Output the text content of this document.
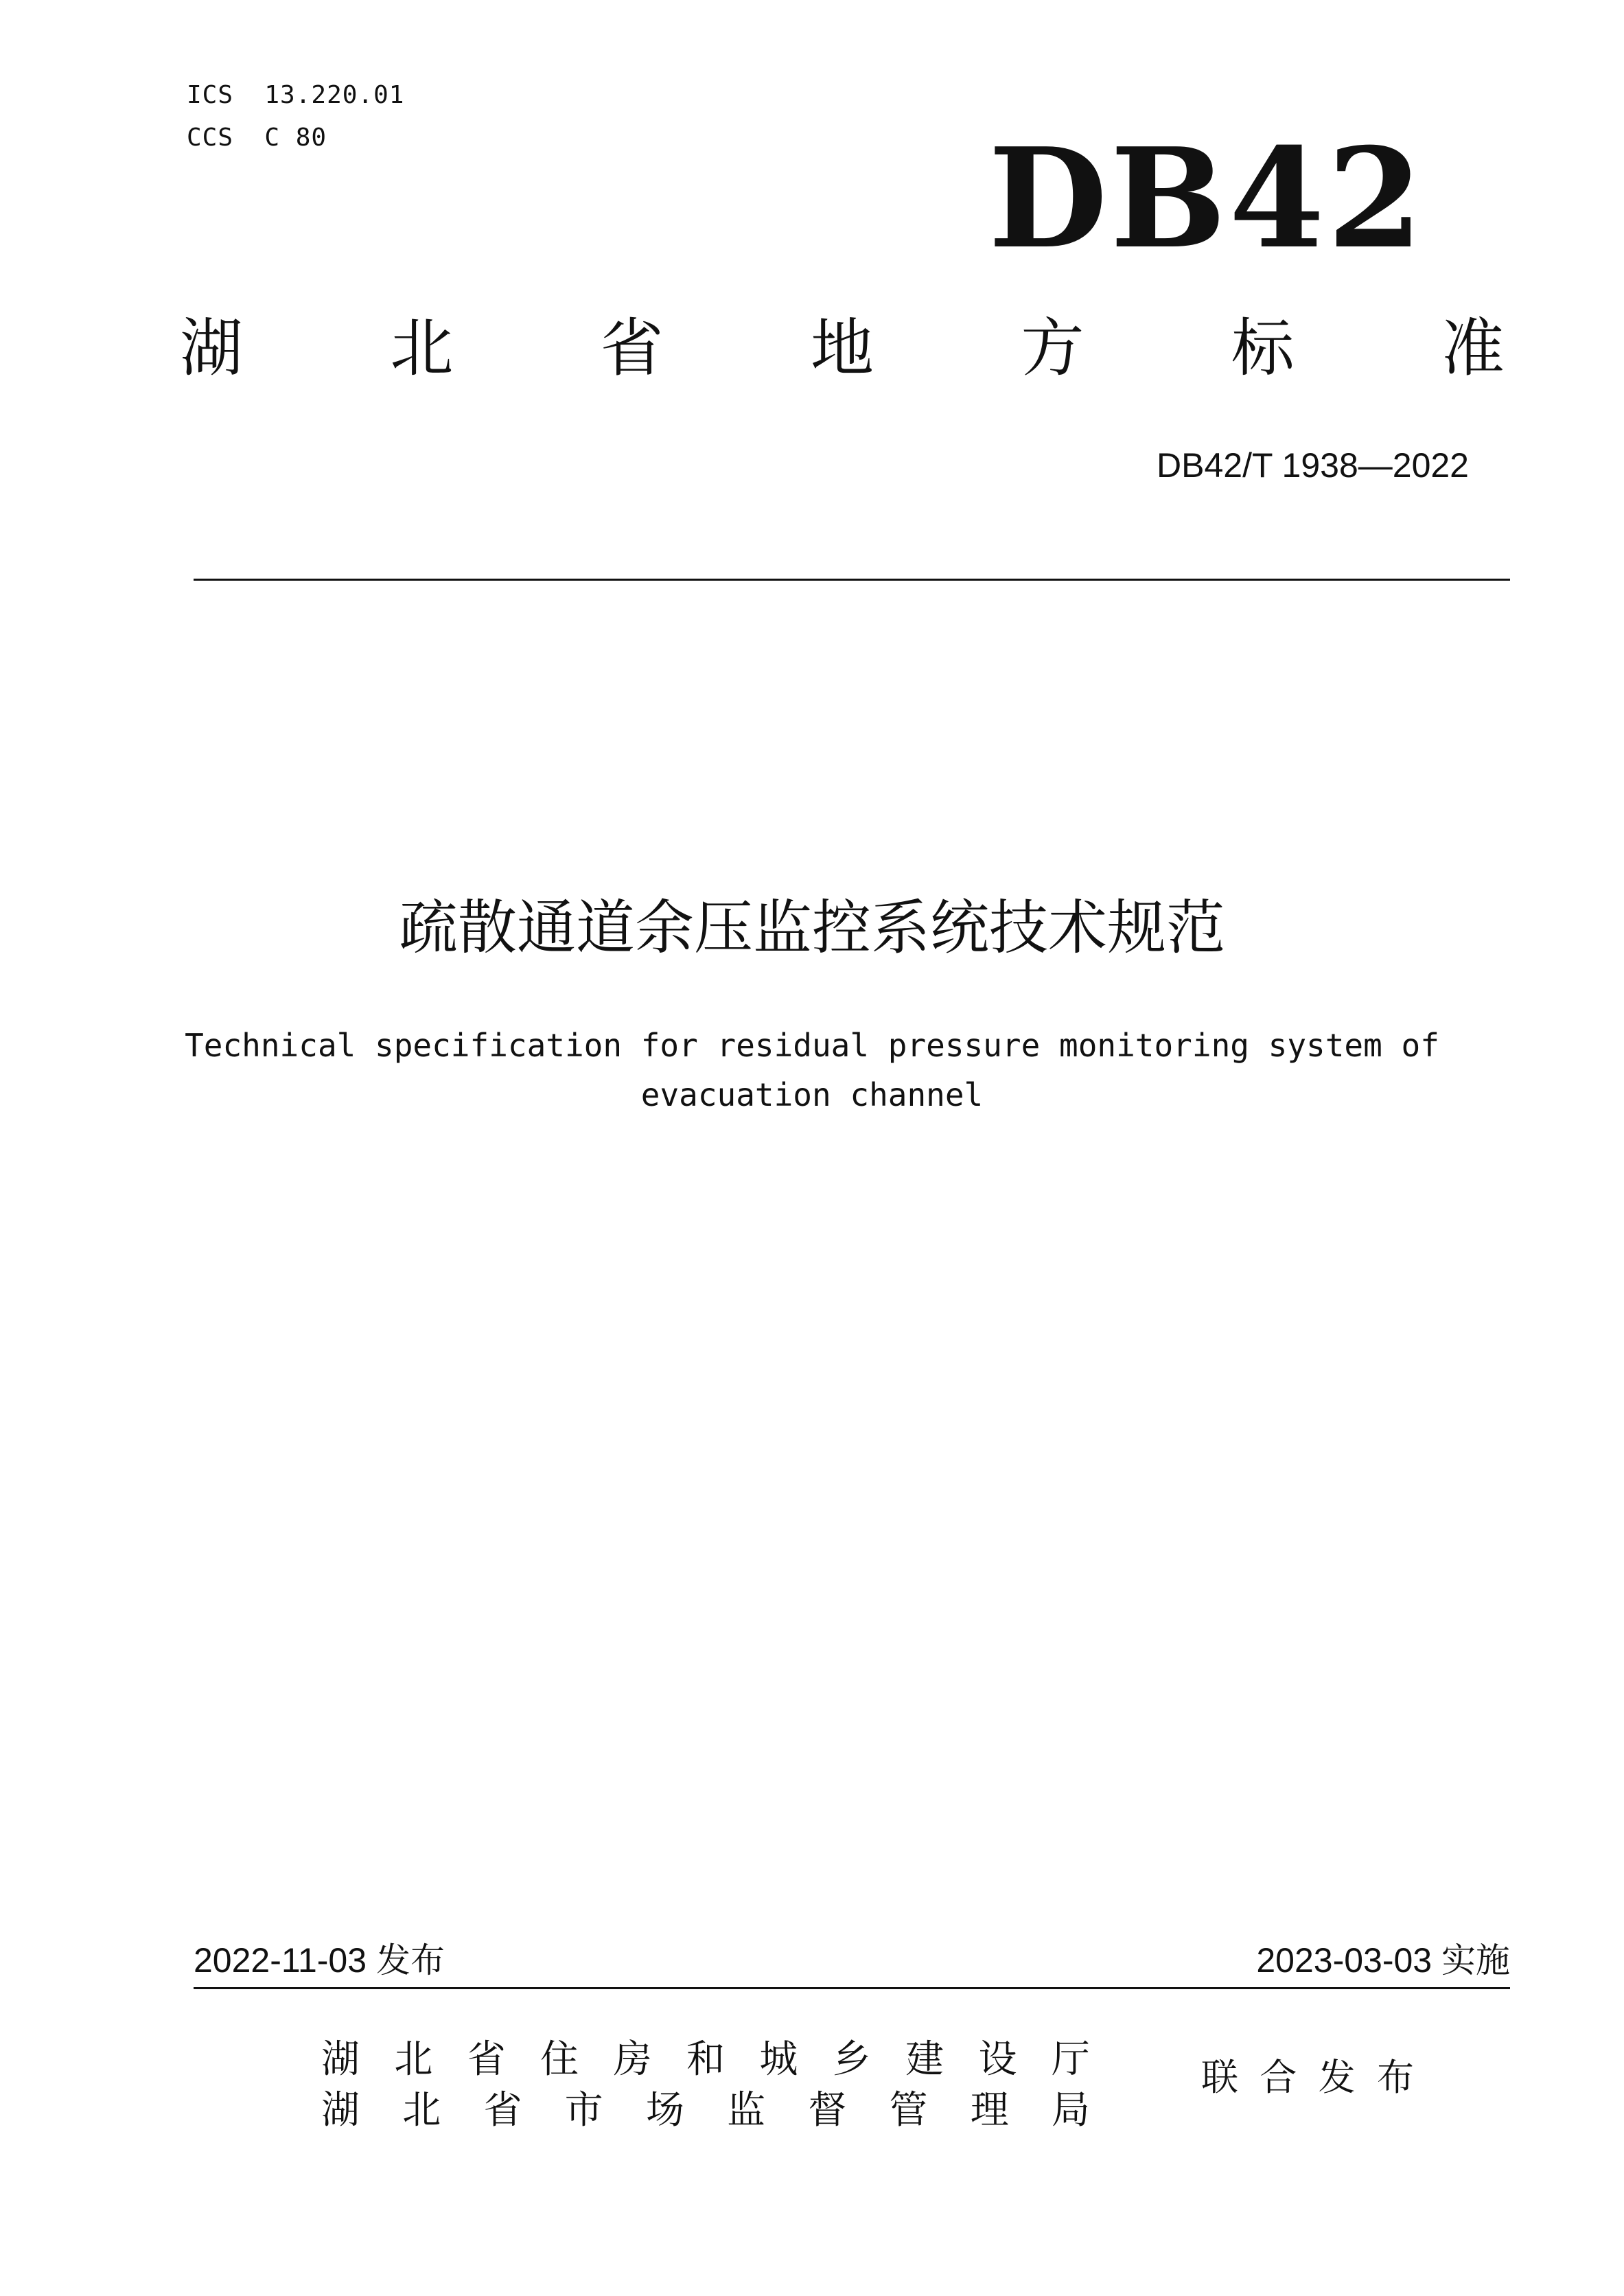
ICS  13.220.01
CCS  C 80	DB42
湖 北 省 地 方 标 准
DB42/T 1938—2022
疏散通道余压监控系统技术规范
Technical specification for residual pressure monitoring system of
evacuation channel
2022-11-03 发布	2023-03-03 实施
湖 北 省 住 房 和 城 乡 建 设 厅
湖 北 省 市 场 监 督 管 理 局
联 合 发 布
